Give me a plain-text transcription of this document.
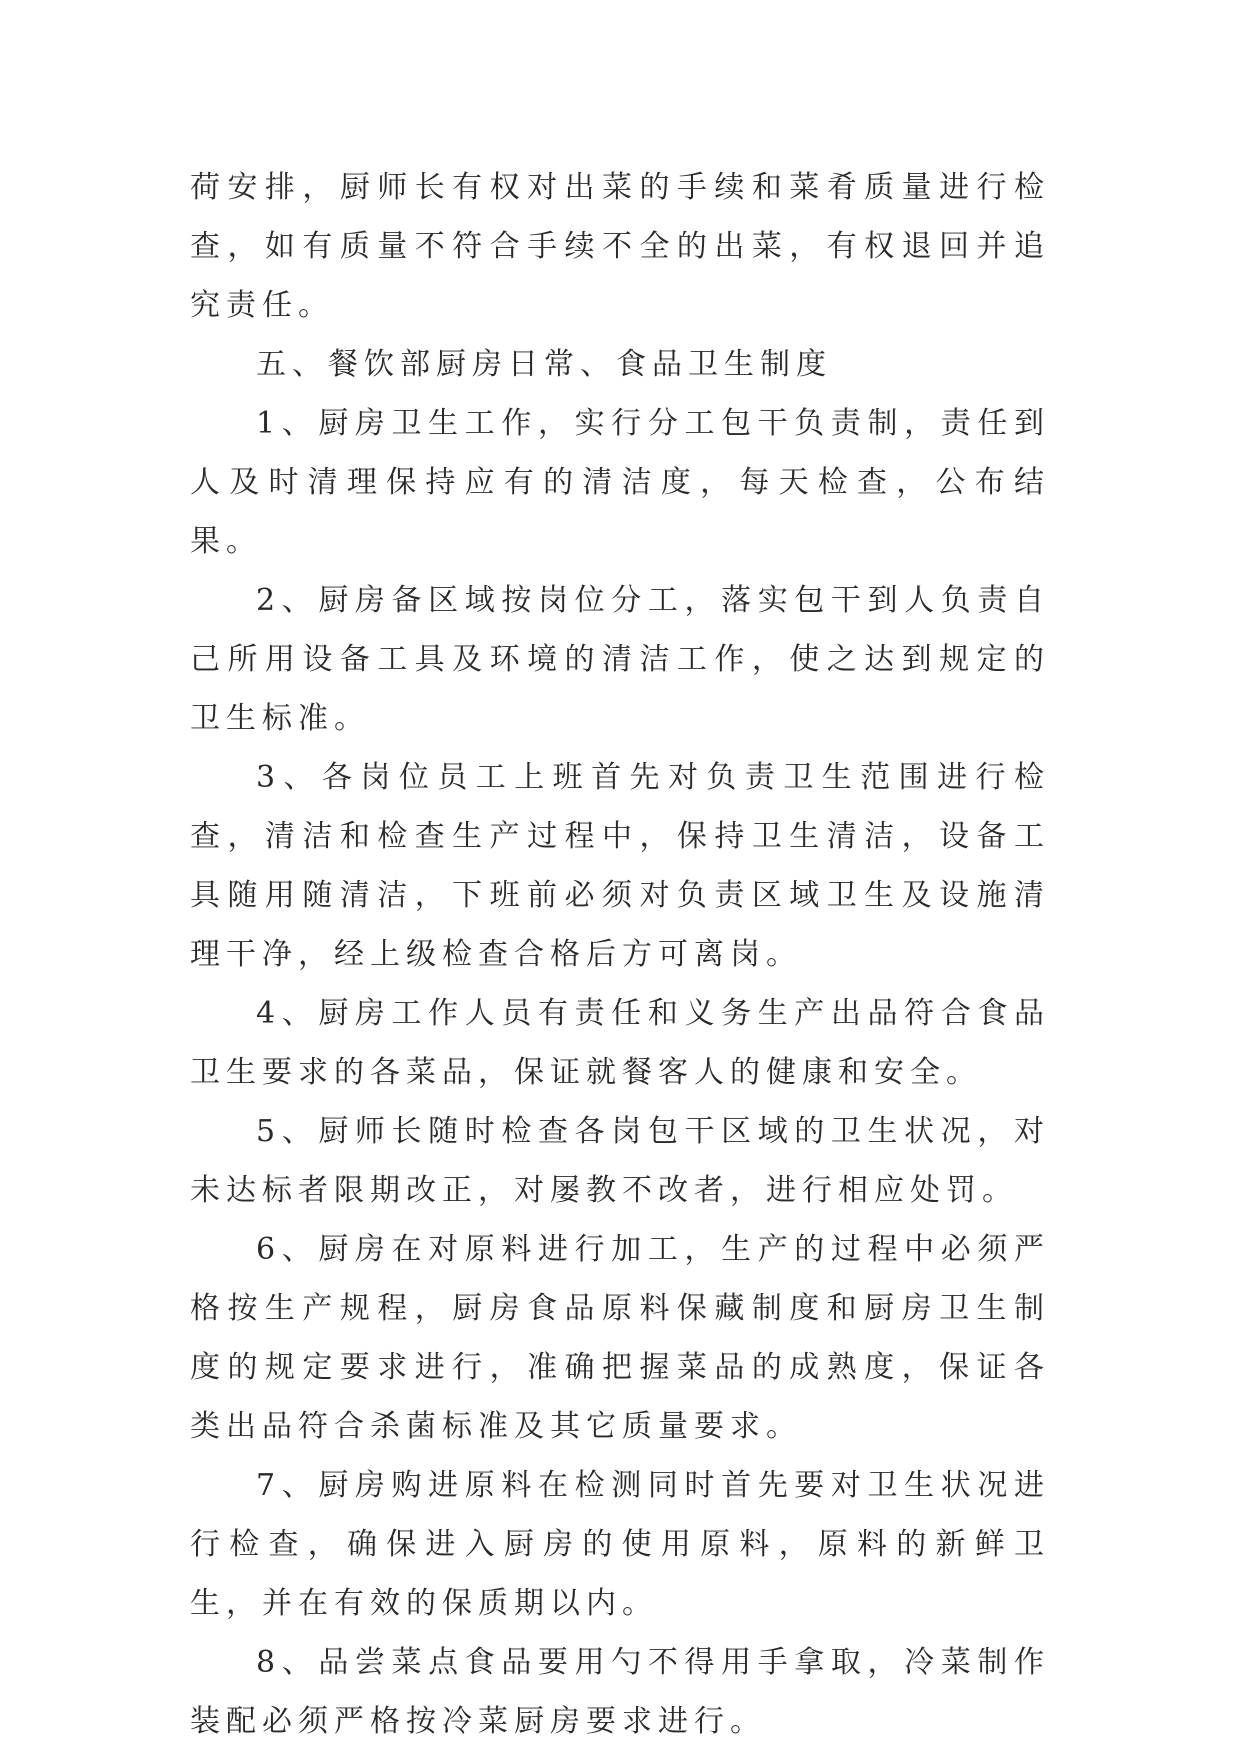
荷安排，厨师长有权对出菜的手续和菜肴质量进行检查，如有质量不符合手续不全的出菜，有权退回并追究责任。

五、餐饮部厨房日常、食品卫生制度

1、厨房卫生工作，实行分工包干负责制，责任到人及时清理保持应有的清洁度，每天检查，公布结果。

2、厨房备区域按岗位分工，落实包干到人负责自己所用设备工具及环境的清洁工作，使之达到规定的卫生标准。

3、各岗位员工上班首先对负责卫生范围进行检查，清洁和检查生产过程中，保持卫生清洁，设备工具随用随清洁，下班前必须对负责区域卫生及设施清理干净，经上级检查合格后方可离岗。

4、厨房工作人员有责任和义务生产出品符合食品卫生要求的各菜品，保证就餐客人的健康和安全。

5、厨师长随时检查各岗包干区域的卫生状况，对未达标者限期改正，对屡教不改者，进行相应处罚。

6、厨房在对原料进行加工，生产的过程中必须严格按生产规程，厨房食品原料保藏制度和厨房卫生制度的规定要求进行，准确把握菜品的成熟度，保证各类出品符合杀菌标准及其它质量要求。

7、厨房购进原料在检测同时首先要对卫生状况进行检查，确保进入厨房的使用原料，原料的新鲜卫生，并在有效的保质期以内。

8、品尝菜点食品要用勺不得用手拿取，冷菜制作装配必须严格按冷菜厨房要求进行。
